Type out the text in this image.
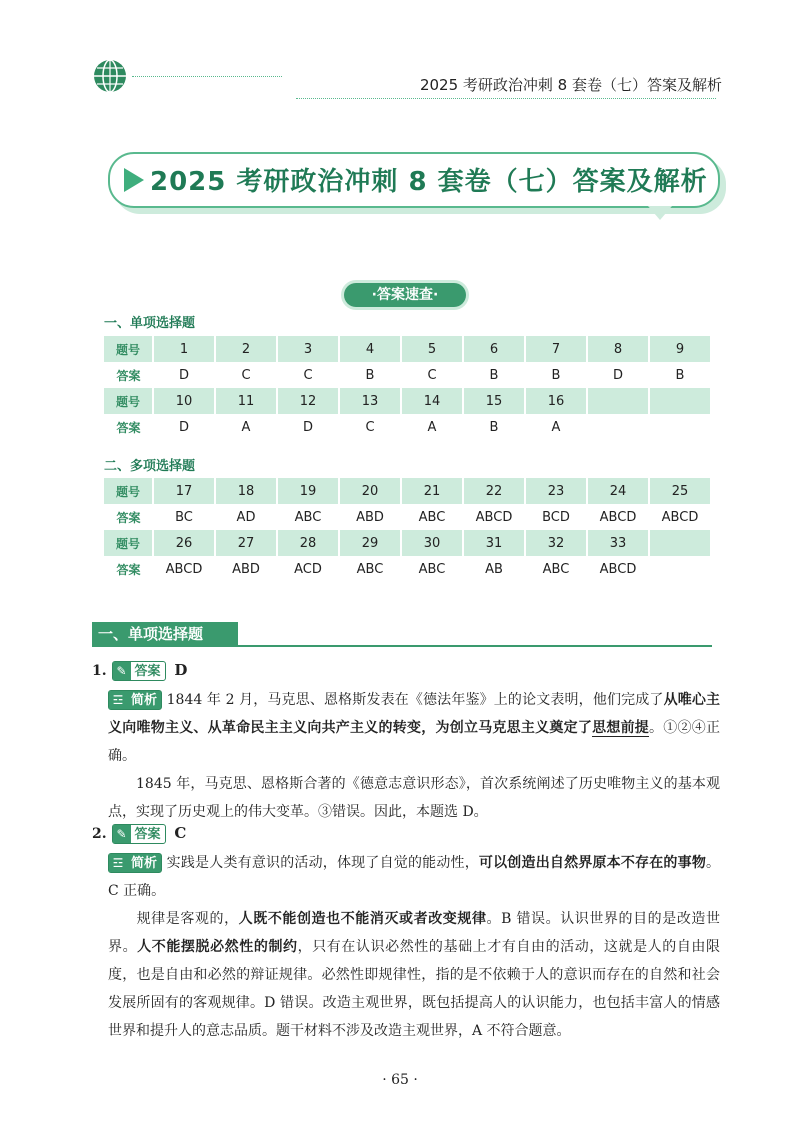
2025 考研政治冲刺 8 套卷（七）答案及解析
2025 考研政治冲刺 8 套卷（七）答案及解析
·答案速查·
一、单项选择题
题号	1	2	3	4	5	6	7	8	9
答案	D	C	C	B	C	B	B	D	B
题号	10	11	12	13	14	15	16		
答案	D	A	D	C	A	B	A		
二、多项选择题
题号	17	18	19	20	21	22	23	24	25
答案	BC	AD	ABC	ABD	ABC	ABCD	BCD	ABCD	ABCD
题号	26	27	28	29	30	31	32	33	
答案	ABCD	ABD	ACD	ABC	ABC	AB	ABC	ABCD	
一、单项选择题
1. ✎ 答案 D
☲ 简析 1844 年 2 月，马克思、恩格斯发表在《德法年鉴》上的论文表明，他们完成了从唯心主义向唯物主义、从革命民主主义向共产主义的转变，为创立马克思主义奠定了思想前提。①②④正确。
1845 年，马克思、恩格斯合著的《德意志意识形态》，首次系统阐述了历史唯物主义的基本观点，实现了历史观上的伟大变革。③错误。因此，本题选 D。
2. ✎ 答案 C
☲ 简析 实践是人类有意识的活动，体现了自觉的能动性，可以创造出自然界原本不存在的事物。C 正确。
规律是客观的，人既不能创造也不能消灭或者改变规律。B 错误。认识世界的目的是改造世界。人不能摆脱必然性的制约，只有在认识必然性的基础上才有自由的活动，这就是人的自由限度，也是自由和必然的辩证规律。必然性即规律性，指的是不依赖于人的意识而存在的自然和社会发展所固有的客观规律。D 错误。改造主观世界，既包括提高人的认识能力，也包括丰富人的情感世界和提升人的意志品质。题干材料不涉及改造主观世界，A 不符合题意。
· 65 ·
